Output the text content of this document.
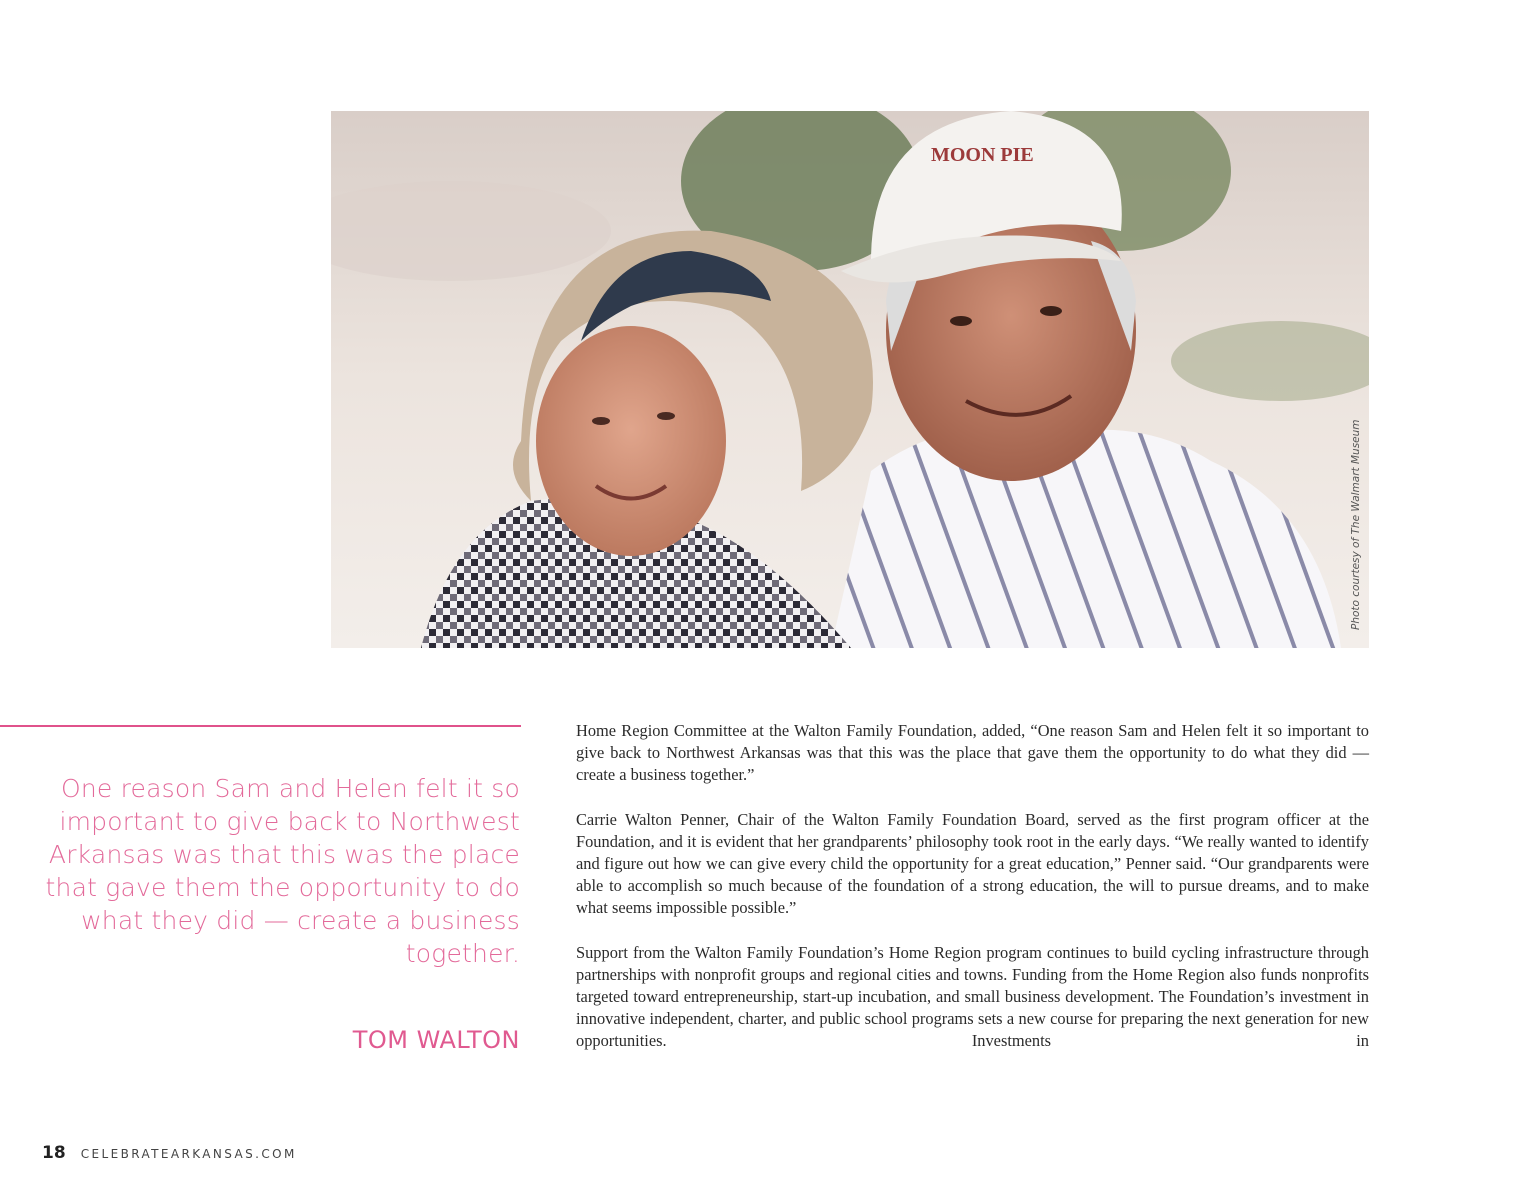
MOON PIE
Photo courtesy of The Walmart Museum
One reason Sam and Helen felt it so important to give back to Northwest Arkansas was that this was the place that gave them the opportunity to do what they did — create a business together.
TOM WALTON

Home Region Committee at the Walton Family Foundation, added, “One reason Sam and Helen felt it so important to give back to Northwest Arkansas was that this was the place that gave them the opportunity to do what they did — create a business together.”

Carrie Walton Penner, Chair of the Walton Family Foundation Board, served as the first program officer at the Foundation, and it is evident that her grandparents’ philosophy took root in the early days. “We really wanted to identify and figure out how we can give every child the opportunity for a great education,” Penner said. “Our grandparents were able to accomplish so much because of the foundation of a strong education, the will to pursue dreams, and to make what seems impossible possible.”

Support from the Walton Family Foundation’s Home Region program continues to build cycling infrastructure through partnerships with nonprofit groups and regional cities and towns. Funding from the Home Region also funds nonprofits targeted toward entrepreneurship, start-up incubation, and small business development. The Foundation’s investment in innovative independent, charter, and public school programs sets a new course for preparing the next generation for new opportunities. Investments in

18 CELEBRATEARKANSAS.COM
